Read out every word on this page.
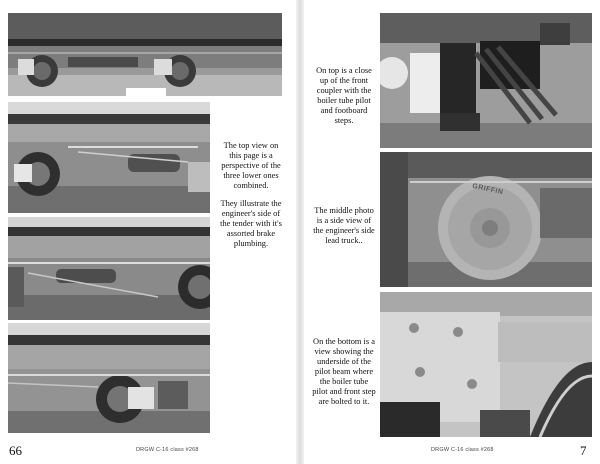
The top view on this page is a perspective of the three lower ones combined.
They illustrate the engineer's side of the tender with it's assorted brake plumbing.
66	DRGW C-16 class #268
GRIFFIN
On top is a close up of the front coupler with the boiler tube pilot and footboard steps.
The middle photo is a side view of the engineer's side lead truck..
On the bottom is a view showing the underside of the pilot beam where the boiler tube pilot and front step are bolted to it.
DRGW C-16 class #268	7
